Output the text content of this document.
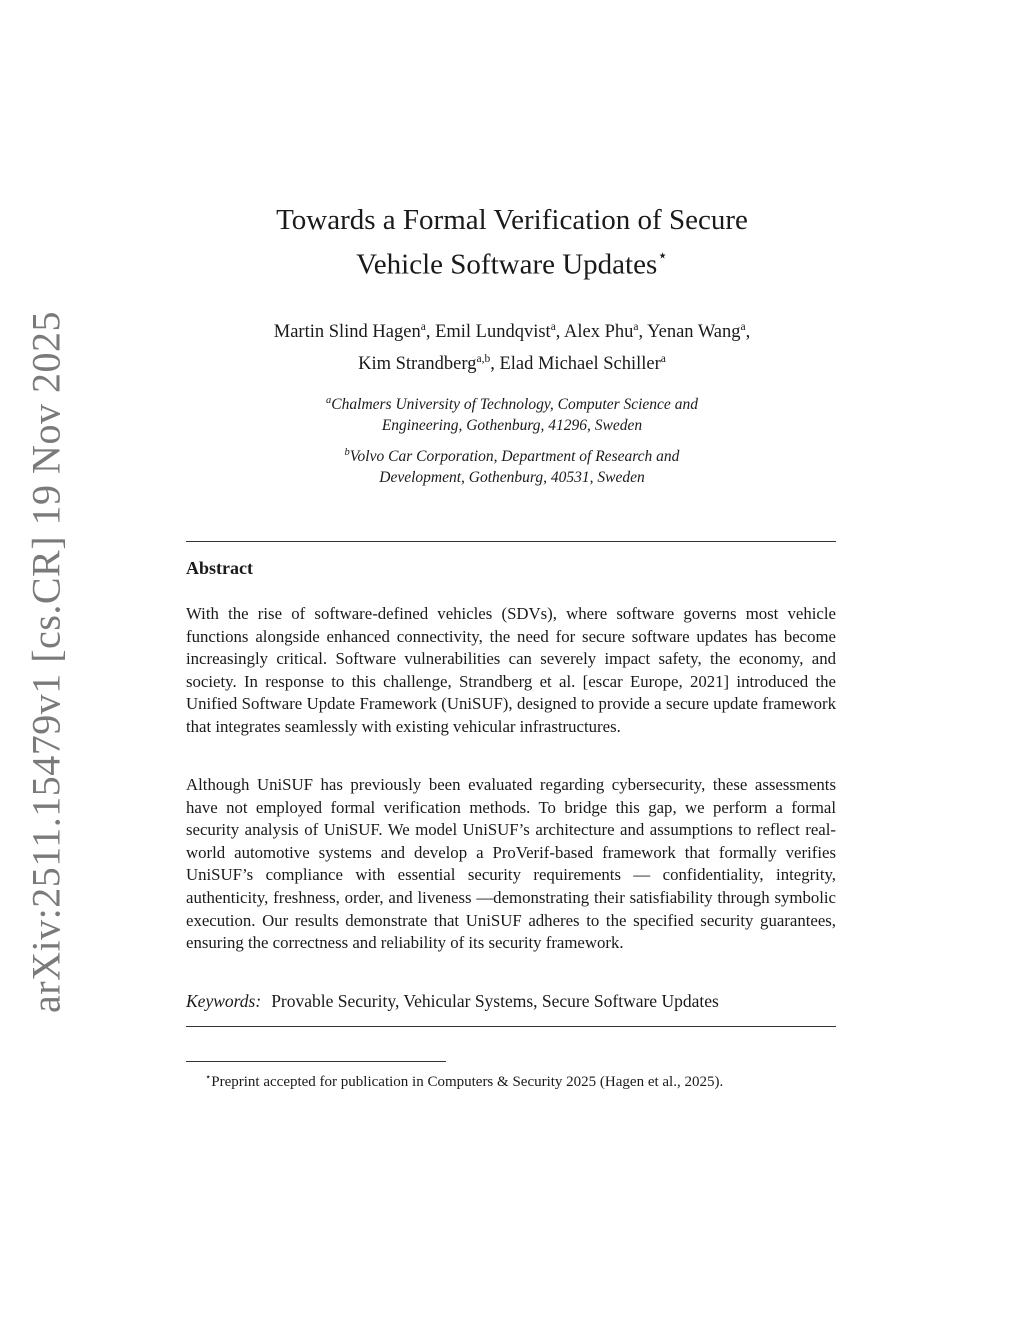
arXiv:2511.15479v1 [cs.CR] 19 Nov 2025
Towards a Formal Verification of Secure
Vehicle Software Updates⋆
Martin Slind Hagen$^a$, Emil Lundqvist$^a$, Alex Phu$^a$, Yenan Wang$^a$,
Kim Strandberg$^{a,b}$, Elad Michael Schiller$^a$
$^a$Chalmers University of Technology, Computer Science and
Engineering, Gothenburg, 41296, Sweden
$^b$Volvo Car Corporation, Department of Research and
Development, Gothenburg, 40531, Sweden
Abstract
With the rise of software-defined vehicles (SDVs), where software governs most vehicle functions alongside enhanced connectivity, the need for secure software updates has become increasingly critical. Software vulnerabilities can severely impact safety, the economy, and society. In response to this challenge, Strandberg et al. [escar Europe, 2021] introduced the Unified Software Update Framework (UniSUF), designed to provide a secure update framework that integrates seamlessly with existing vehicular infrastructures.
Although UniSUF has previously been evaluated regarding cybersecurity, these assessments have not employed formal verification methods. To bridge this gap, we perform a formal security analysis of UniSUF. We model UniSUF’s architecture and assumptions to reflect real-world automotive systems and develop a ProVerif-based framework that formally verifies UniSUF’s compliance with essential security requirements — confidentiality, integrity, authenticity, freshness, order, and liveness —demonstrating their satisfiability through symbolic execution. Our results demonstrate that UniSUF adheres to the specified security guarantees, ensuring the correctness and reliability of its security framework.
Keywords: Provable Security, Vehicular Systems, Secure Software Updates
⋆Preprint accepted for publication in Computers & Security 2025 (Hagen et al., 2025).
